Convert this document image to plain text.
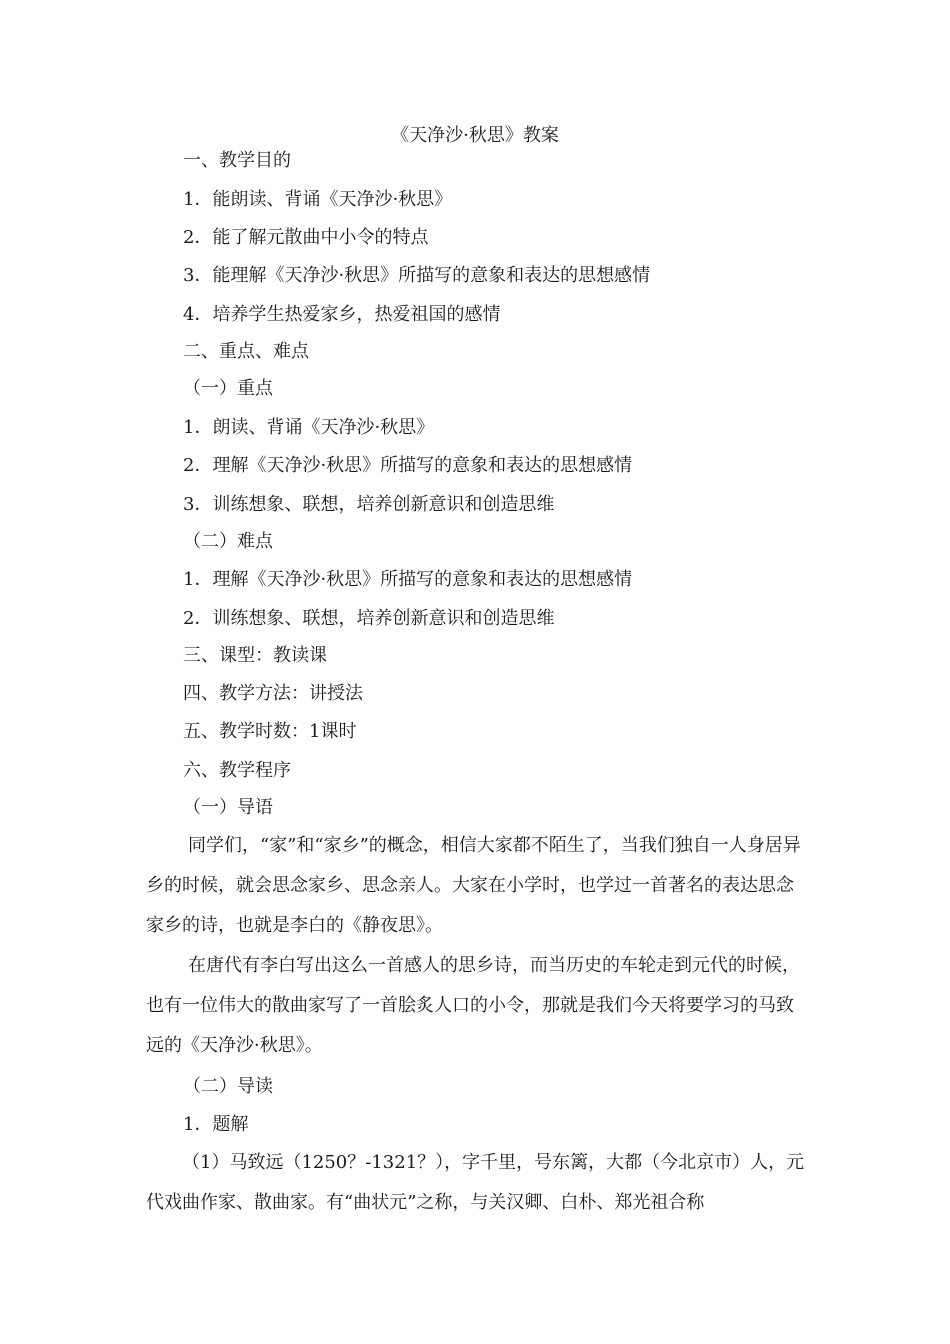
《天净沙·秋思》教案
一、教学目的
1．能朗读、背诵《天净沙·秋思》
2．能了解元散曲中小令的特点
3．能理解《天净沙·秋思》所描写的意象和表达的思想感情
4．培养学生热爱家乡，热爱祖国的感情
二、重点、难点
（一）重点
1．朗读、背诵《天净沙·秋思》
2．理解《天净沙·秋思》所描写的意象和表达的思想感情
3．训练想象、联想，培养创新意识和创造思维
（二）难点
1．理解《天净沙·秋思》所描写的意象和表达的思想感情
2．训练想象、联想，培养创新意识和创造思维
三、课型：教读课
四、教学方法：讲授法
五、教学时数：1课时
六、教学程序
（一）导语
同学们，“家”和“家乡”的概念，相信大家都不陌生了，当我们独自一人身居异乡的时候，就会思念家乡、思念亲人。大家在小学时，也学过一首著名的表达思念家乡的诗，也就是李白的《静夜思》。
在唐代有李白写出这么一首感人的思乡诗，而当历史的车轮走到元代的时候，也有一位伟大的散曲家写了一首脍炙人口的小令，那就是我们今天将要学习的马致远的《天净沙·秋思》。
（二）导读
1．题解
（1）马致远（1250？-1321？），字千里，号东篱，大都（今北京市）人，元代戏曲作家、散曲家。有“曲状元”之称，与关汉卿、白朴、郑光祖合称
